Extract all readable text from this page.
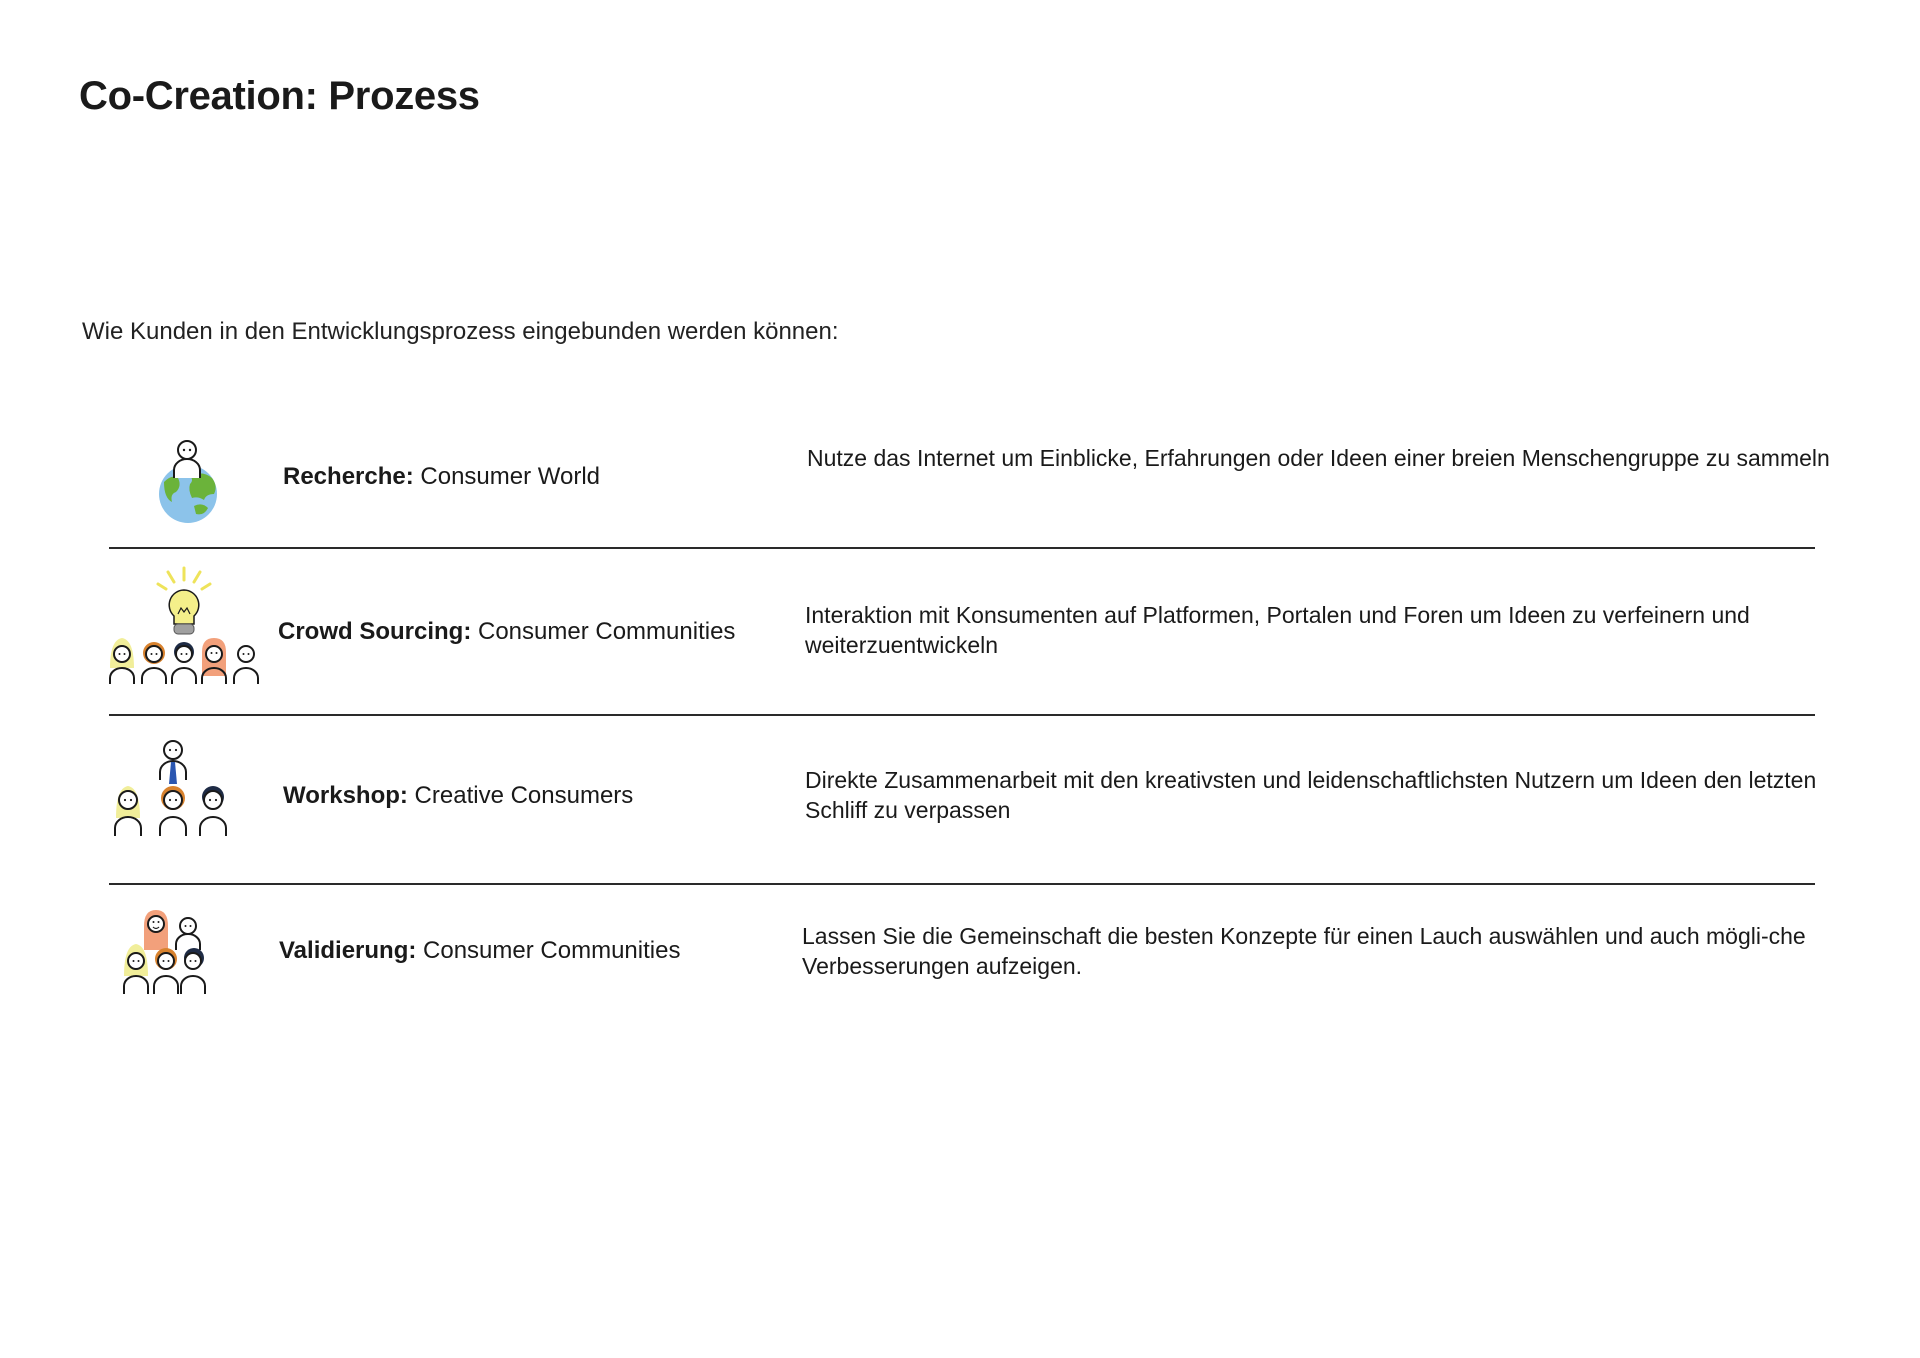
Co-Creation: Prozess
Wie Kunden in den Entwicklungsprozess eingebunden werden können:
Recherche: Consumer World
Nutze das Internet um Einblicke, Erfahrungen oder Ideen einer breien Menschengruppe zu sammeln
Crowd Sourcing: Consumer Communities
Interaktion mit Konsumenten auf Platformen, Portalen und Foren um Ideen zu verfeinern und weiterzuentwickeln
Workshop: Creative Consumers
Direkte Zusammenarbeit mit den kreativsten und leidenschaftlichsten Nutzern um Ideen den letzten Schliff zu verpassen
Validierung: Consumer Communities
Lassen Sie die Gemeinschaft die besten Konzepte für einen Lauch auswählen und auch mögli-che Verbesserungen aufzeigen.
